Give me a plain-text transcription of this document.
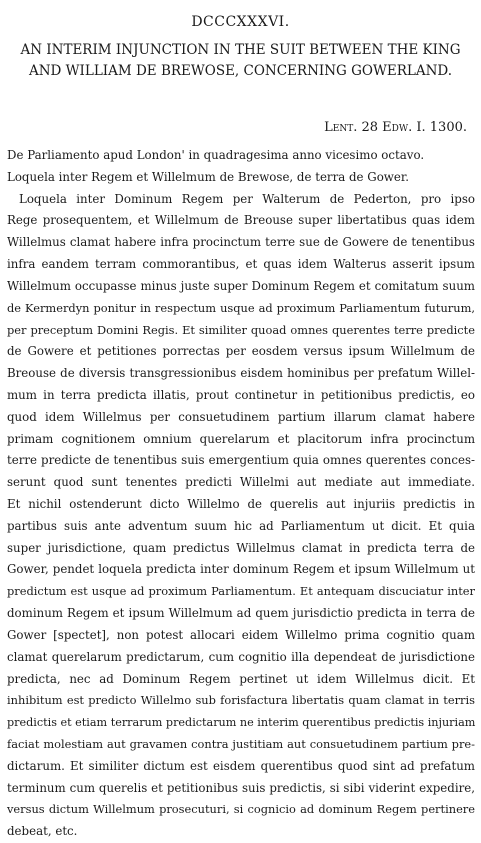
DCCCXXXVI.
AN INTERIM INJUNCTION IN THE SUIT BETWEEN THE KING
AND WILLIAM DE BREWOSE, CONCERNING GOWERLAND.
Lent. 28 Edw. I. 1300.
De Parliamento apud London' in quadragesima anno vicesimo octavo.
Loquela inter Regem et Willelmum de Brewose, de terra de Gower.
Loquela inter Dominum Regem per Walterum de Pederton, pro ipso
Rege prosequentem, et Willelmum de Breouse super libertatibus quas idem
Willelmus clamat habere infra procinctum terre sue de Gowere de tenentibus
infra eandem terram commorantibus, et quas idem Walterus asserit ipsum
Willelmum occupasse minus juste super Dominum Regem et comitatum suum
de Kermerdyn ponitur in respectum usque ad proximum Parliamentum futurum,
per preceptum Domini Regis. Et similiter quoad omnes querentes terre predicte
de Gowere et petitiones porrectas per eosdem versus ipsum Willelmum de
Breouse de diversis transgressionibus eisdem hominibus per prefatum Willel-
mum in terra predicta illatis, prout continetur in petitionibus predictis, eo
quod idem Willelmus per consuetudinem partium illarum clamat habere
primam cognitionem omnium querelarum et placitorum infra procinctum
terre predicte de tenentibus suis emergentium quia omnes querentes conces-
serunt quod sunt tenentes predicti Willelmi aut mediate aut immediate.
Et nichil ostenderunt dicto Willelmo de querelis aut injuriis predictis in
partibus suis ante adventum suum hic ad Parliamentum ut dicit. Et quia
super jurisdictione, quam predictus Willelmus clamat in predicta terra de
Gower, pendet loquela predicta inter dominum Regem et ipsum Willelmum ut
predictum est usque ad proximum Parliamentum. Et antequam discuciatur inter
dominum Regem et ipsum Willelmum ad quem jurisdictio predicta in terra de
Gower [spectet], non potest allocari eidem Willelmo prima cognitio quam
clamat querelarum predictarum, cum cognitio illa dependeat de jurisdictione
predicta, nec ad Dominum Regem pertinet ut idem Willelmus dicit. Et
inhibitum est predicto Willelmo sub forisfactura libertatis quam clamat in terris
predictis et etiam terrarum predictarum ne interim querentibus predictis injuriam
faciat molestiam aut gravamen contra justitiam aut consuetudinem partium pre-
dictarum. Et similiter dictum est eisdem querentibus quod sint ad prefatum
terminum cum querelis et petitionibus suis predictis, si sibi viderint expedire,
versus dictum Willelmum prosecuturi, si cognicio ad dominum Regem pertinere
debeat, etc.
